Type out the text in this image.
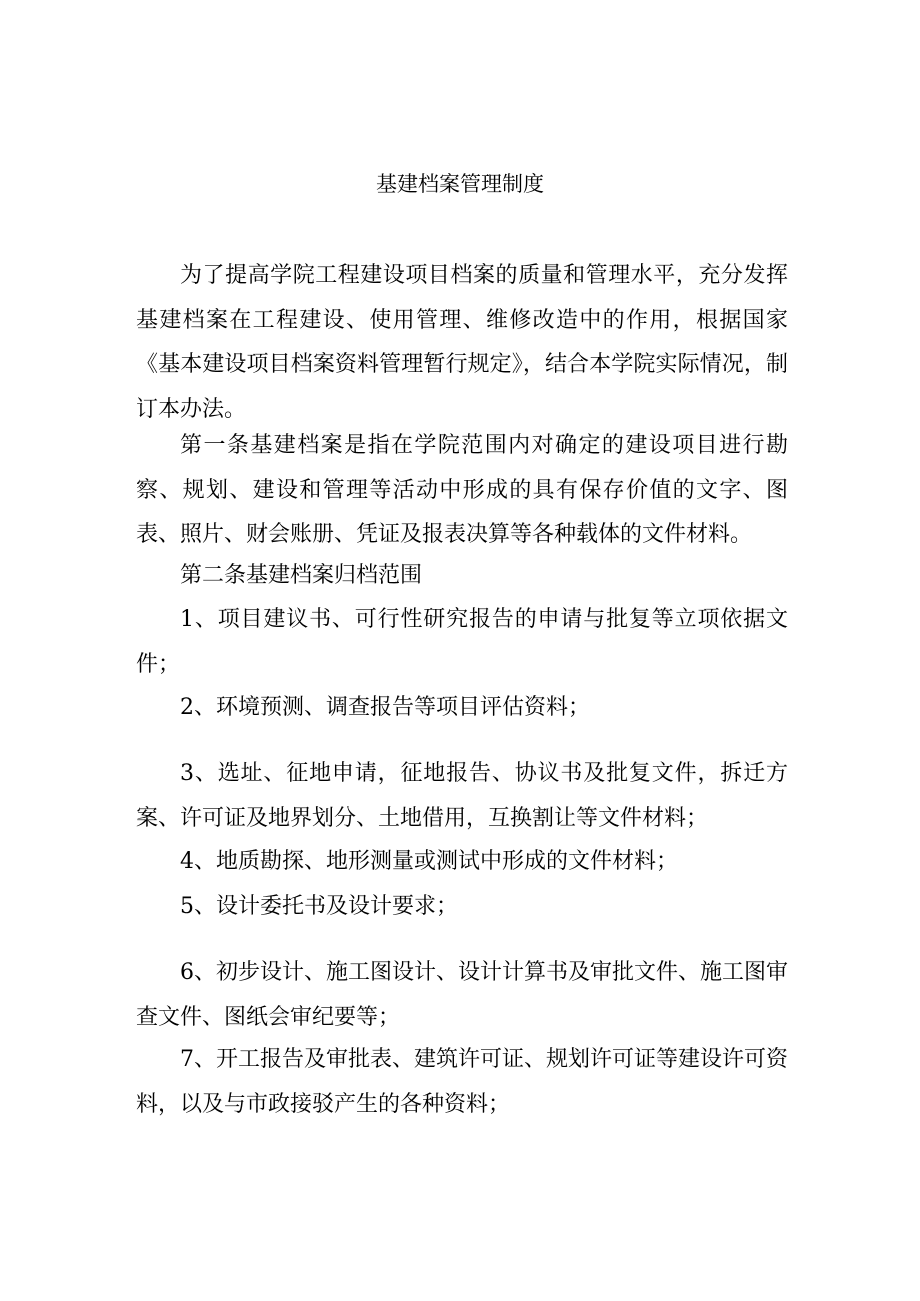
基建档案管理制度

为了提高学院工程建设项目档案的质量和管理水平，充分发挥基建档案在工程建设、使用管理、维修改造中的作用，根据国家《基本建设项目档案资料管理暂行规定》，结合本学院实际情况，制订本办法。

第一条基建档案是指在学院范围内对确定的建设项目进行勘察、规划、建设和管理等活动中形成的具有保存价值的文字、图表、照片、财会账册、凭证及报表决算等各种载体的文件材料。

第二条基建档案归档范围

1、项目建议书、可行性研究报告的申请与批复等立项依据文件；

2、环境预测、调查报告等项目评估资料；

3、选址、征地申请，征地报告、协议书及批复文件，拆迁方案、许可证及地界划分、土地借用，互换割让等文件材料；

4、地质勘探、地形测量或测试中形成的文件材料；

5、设计委托书及设计要求；

6、初步设计、施工图设计、设计计算书及审批文件、施工图审查文件、图纸会审纪要等；

7、开工报告及审批表、建筑许可证、规划许可证等建设许可资料，以及与市政接驳产生的各种资料；
